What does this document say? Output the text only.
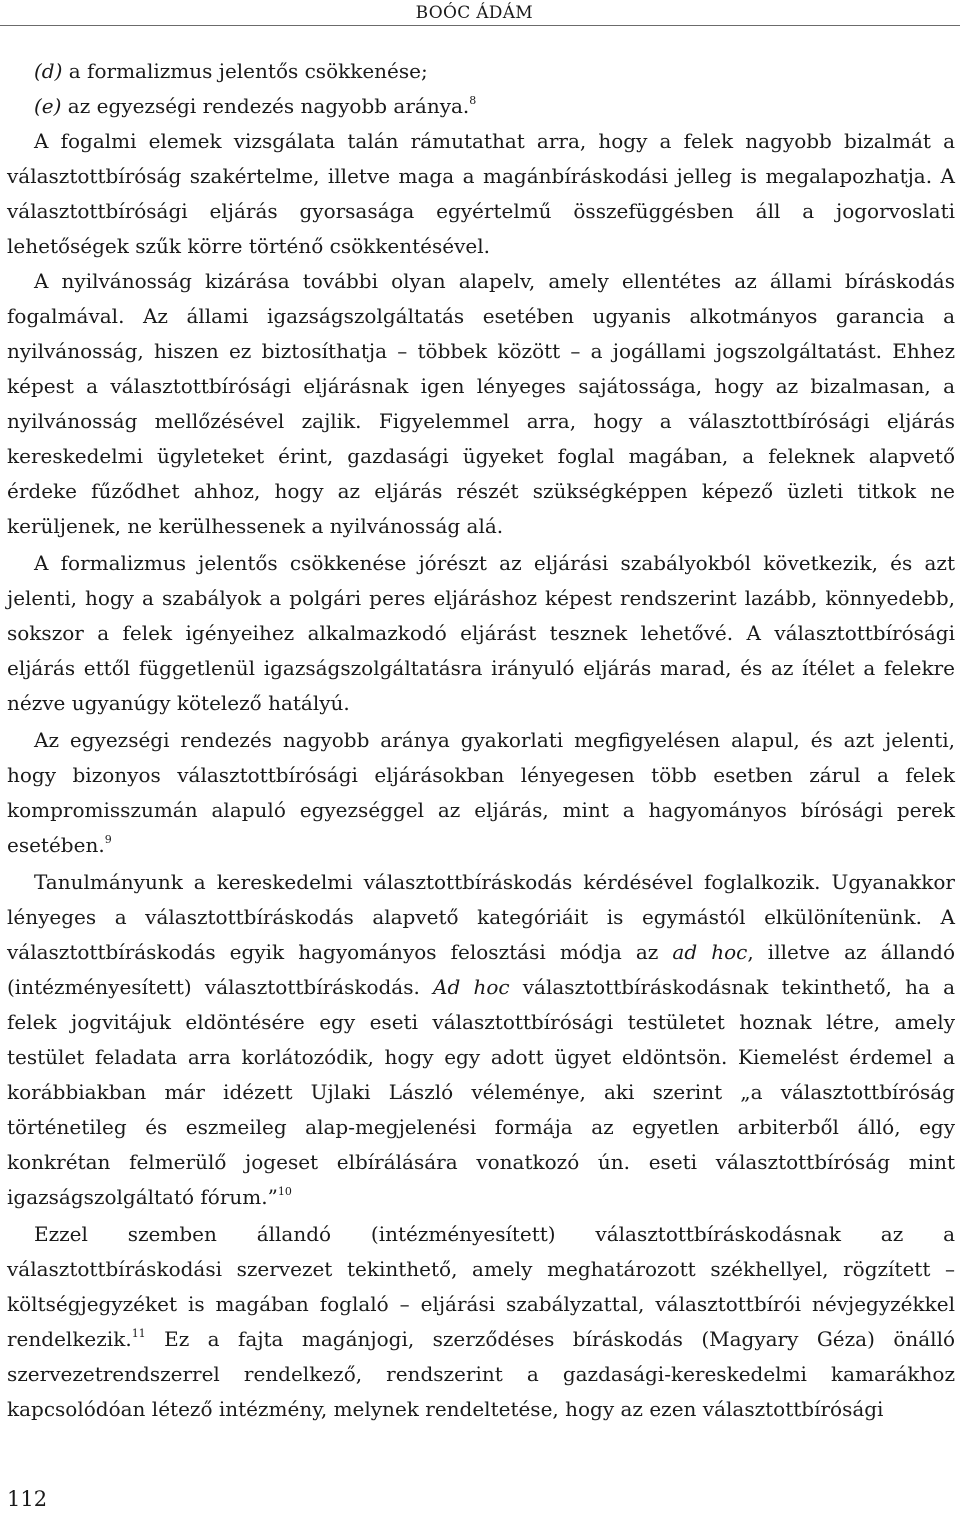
BOÓC ÁDÁM
(d) a formalizmus jelentős csökkenése;
(e) az egyezségi rendezés nagyobb aránya.$^8$

A fogalmi elemek vizsgálata talán rámutathat arra, hogy a felek nagyobb bizalmát a választottbíróság szakértelme, illetve maga a magánbíráskodási jelleg is megalapozhatja. A választottbírósági eljárás gyorsasága egyértelmű összefüggésben áll a jogorvoslati lehetőségek szűk körre történő csökkentésével.

A nyilvánosság kizárása további olyan alapelv, amely ellentétes az állami bíráskodás fogalmával. Az állami igazságszolgáltatás esetében ugyanis alkotmányos garancia a nyilvánosság, hiszen ez biztosíthatja – többek között – a jogállami jogszolgáltatást. Ehhez képest a választottbírósági eljárásnak igen lényeges sajátossága, hogy az bizalmasan, a nyilvánosság mellőzésével zajlik. Figyelemmel arra, hogy a választottbírósági eljárás kereskedelmi ügyleteket érint, gazdasági ügyeket foglal magában, a feleknek alapvető érdeke fűződhet ahhoz, hogy az eljárás részét szükségképpen képező üzleti titkok ne kerüljenek, ne kerülhessenek a nyilvánosság alá.

A formalizmus jelentős csökkenése jórészt az eljárási szabályokból következik, és azt jelenti, hogy a szabályok a polgári peres eljáráshoz képest rendszerint lazább, könnyedebb, sokszor a felek igényeihez alkalmazkodó eljárást tesznek lehetővé. A választottbírósági eljárás ettől függetlenül igazságszolgáltatásra irányuló eljárás marad, és az ítélet a felekre nézve ugyanúgy kötelező hatályú.

Az egyezségi rendezés nagyobb aránya gyakorlati megfigyelésen alapul, és azt jelenti, hogy bizonyos választottbírósági eljárásokban lényegesen több esetben zárul a felek kompromisszumán alapuló egyezséggel az eljárás, mint a hagyományos bírósági perek esetében.$^9$

Tanulmányunk a kereskedelmi választottbíráskodás kérdésével foglalkozik. Ugyanakkor lényeges a választottbíráskodás alapvető kategóriáit is egymástól elkülönítenünk. A választottbíráskodás egyik hagyományos felosztási módja az ad hoc, illetve az állandó (intézményesített) választottbíráskodás. Ad hoc választottbíráskodásnak tekinthető, ha a felek jogvitájuk eldöntésére egy eseti választottbírósági testületet hoznak létre, amely testület feladata arra korlátozódik, hogy egy adott ügyet eldöntsön. Kiemelést érdemel a korábbiakban már idézett Ujlaki László véleménye, aki szerint „a választottbíróság történetileg és eszmeileg alap-megjelenési formája az egyetlen arbiterből álló, egy konkrétan felmerülő jogeset elbírálására vonatkozó ún. eseti választottbíróság mint igazságszolgáltató fórum.”$^{10}$

Ezzel szemben állandó (intézményesített) választottbíráskodásnak az a választottbíráskodási szervezet tekinthető, amely meghatározott székhellyel, rögzített – költségjegyzéket is magában foglaló – eljárási szabályzattal, választottbírói névjegyzékkel rendelkezik.$^{11}$ Ez a fajta magánjogi, szerződéses bíráskodás (Magyary Géza) önálló szervezetrendszerrel rendelkező, rendszerint a gazdasági-kereskedelmi kamarákhoz kapcsolódóan létező intézmény, melynek rendeltetése, hogy az ezen választottbírósági

112
